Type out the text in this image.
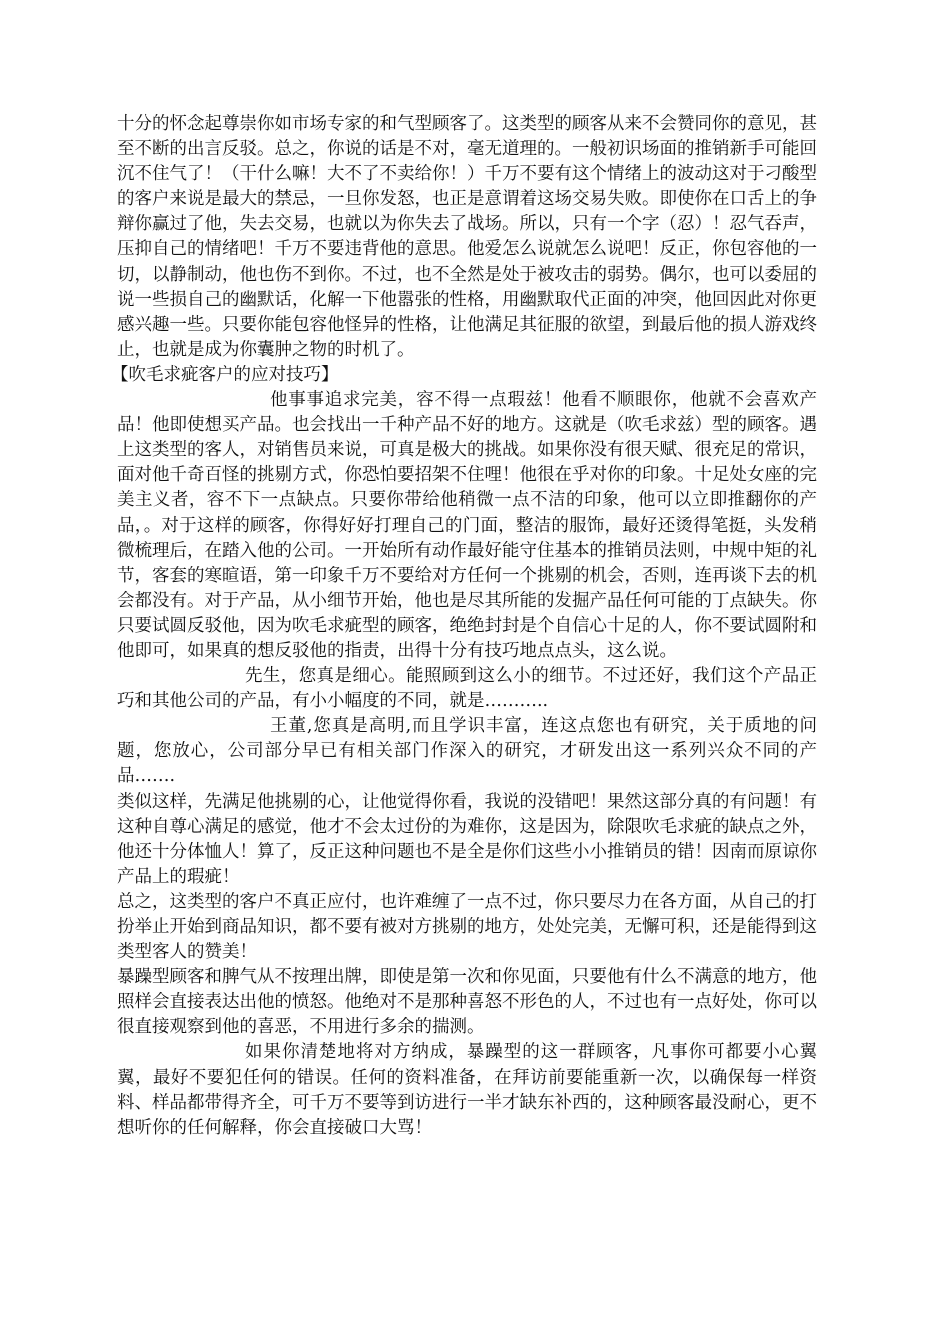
十分的怀念起尊崇你如市场专家的和气型顾客了。这类型的顾客从来不会赞同你的意见，甚至不断的出言反驳。总之，你说的话是不对，毫无道理的。一般初识场面的推销新手可能回沉不住气了！（干什么嘛！大不了不卖给你！）千万不要有这个情绪上的波动这对于刁酸型的客户来说是最大的禁忌，一旦你发怒，也正是意谓着这场交易失败。即使你在口舌上的争辩你赢过了他，失去交易，也就以为你失去了战场。所以，只有一个字（忍）！忍气吞声，压抑自己的情绪吧！千万不要违背他的意思。他爱怎么说就怎么说吧！反正，你包容他的一切，以静制动，他也伤不到你。不过，也不全然是处于被攻击的弱势。偶尔，也可以委屈的说一些损自己的幽默话，化解一下他嚣张的性格，用幽默取代正面的冲突，他回因此对你更感兴趣一些。只要你能包容他怪异的性格，让他满足其征服的欲望，到最后他的损人游戏终止，也就是成为你囊肿之物的时机了。

【吹毛求疵客户的应对技巧】

他事事追求完美，容不得一点瑕兹！他看不顺眼你，他就不会喜欢产品！他即使想买产品。也会找出一千种产品不好的地方。这就是（吹毛求兹）型的顾客。遇上这类型的客人，对销售员来说，可真是极大的挑战。如果你没有很天赋、很充足的常识，面对他千奇百怪的挑剔方式，你恐怕要招架不住哩！他很在乎对你的印象。十足处女座的完美主义者，容不下一点缺点。只要你带给他稍微一点不洁的印象，他可以立即推翻你的产品，。对于这样的顾客，你得好好打理自己的门面，整洁的服饰，最好还烫得笔挺，头发稍微梳理后，在踏入他的公司。一开始所有动作最好能守住基本的推销员法则，中规中矩的礼节，客套的寒暄语，第一印象千万不要给对方任何一个挑剔的机会，否则，连再谈下去的机会都没有。对于产品，从小细节开始，他也是尽其所能的发掘产品任何可能的丁点缺失。你只要试圆反驳他，因为吹毛求疵型的顾客，绝绝封封是个自信心十足的人，你不要试圆附和他即可，如果真的想反驳他的指责，出得十分有技巧地点点头，这么说。

先生，您真是细心。能照顾到这么小的细节。不过还好，我们这个产品正巧和其他公司的产品，有小小幅度的不同，就是………..

王董,您真是高明,而且学识丰富，连这点您也有研究，关于质地的问题，您放心，公司部分早已有相关部门作深入的研究，才研发出这一系列兴众不同的产品…….

类似这样，先满足他挑剔的心，让他觉得你看，我说的没错吧！果然这部分真的有问题！有这种自尊心满足的感觉，他才不会太过份的为难你，这是因为，除限吹毛求疵的缺点之外，他还十分体恤人！算了，反正这种问题也不是全是你们这些小小推销员的错！因南而原谅你产品上的瑕疵！

总之，这类型的客户不真正应付，也许难缠了一点不过，你只要尽力在各方面，从自己的打扮举止开始到商品知识，都不要有被对方挑剔的地方，处处完美，无懈可积，还是能得到这类型客人的赞美！

暴躁型顾客和脾气从不按理出牌，即使是第一次和你见面，只要他有什么不满意的地方，他照样会直接表达出他的愤怒。他绝对不是那种喜怒不形色的人，不过也有一点好处，你可以很直接观察到他的喜恶，不用进行多余的揣测。

如果你清楚地将对方纳成，暴躁型的这一群顾客，凡事你可都要小心翼翼，最好不要犯任何的错误。任何的资料准备，在拜访前要能重新一次，以确保每一样资料、样品都带得齐全，可千万不要等到访进行一半才缺东补西的，这种顾客最没耐心，更不想听你的任何解释，你会直接破口大骂！
